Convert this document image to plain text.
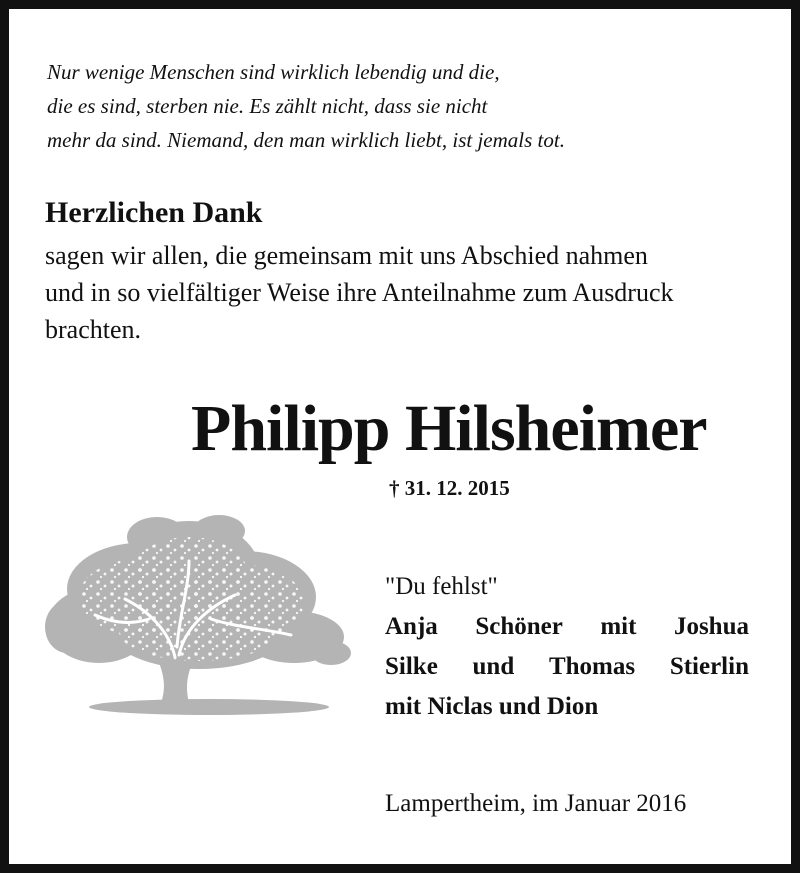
Nur wenige Menschen sind wirklich lebendig und die,
die es sind, sterben nie. Es zählt nicht, dass sie nicht
mehr da sind. Niemand, den man wirklich liebt, ist jemals tot.
Herzlichen Dank
sagen wir allen, die gemeinsam mit uns Abschied nahmen
und in so vielfältiger Weise ihre Anteilnahme zum Ausdruck
brachten.
Philipp Hilsheimer
† 31. 12. 2015
"Du fehlst"
Anja Schöner mit Joshua
Silke und Thomas Stierlin
mit Niclas und Dion
Lampertheim, im Januar 2016
